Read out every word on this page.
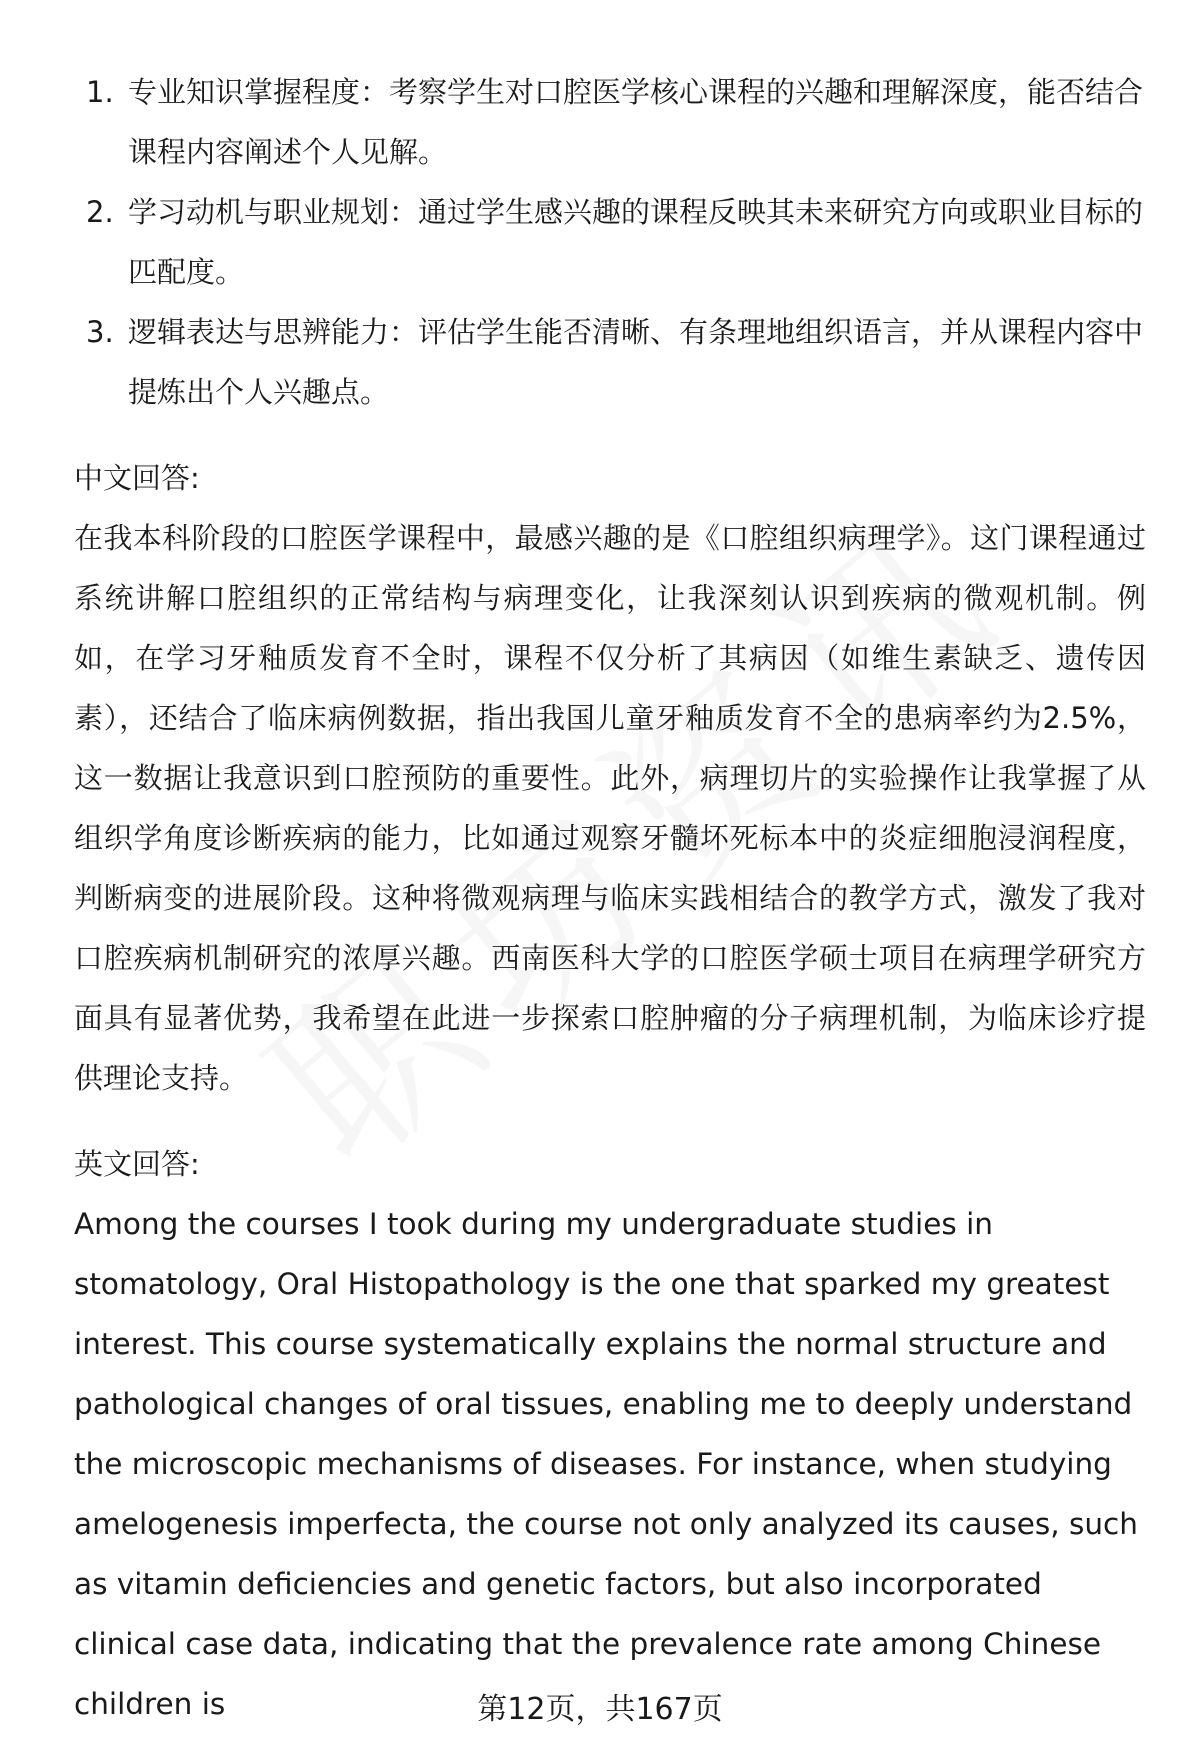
1. 专业知识掌握程度：考察学生对口腔医学核心课程的兴趣和理解深度，能否结合课程内容阐述个人见解。
2. 学习动机与职业规划：通过学生感兴趣的课程反映其未来研究方向或职业目标的匹配度。
3. 逻辑表达与思辨能力：评估学生能否清晰、有条理地组织语言，并从课程内容中提炼出个人兴趣点。
中文回答:
在我本科阶段的口腔医学课程中，最感兴趣的是《口腔组织病理学》。这门课程通过系统讲解口腔组织的正常结构与病理变化，让我深刻认识到疾病的微观机制。例如，在学习牙釉质发育不全时，课程不仅分析了其病因（如维生素缺乏、遗传因素），还结合了临床病例数据，指出我国儿童牙釉质发育不全的患病率约为2.5%，这一数据让我意识到口腔预防的重要性。此外，病理切片的实验操作让我掌握了从组织学角度诊断疾病的能力，比如通过观察牙髓坏死标本中的炎症细胞浸润程度，判断病变的进展阶段。这种将微观病理与临床实践相结合的教学方式，激发了我对口腔疾病机制研究的浓厚兴趣。西南医科大学的口腔医学硕士项目在病理学研究方面具有显著优势，我希望在此进一步探索口腔肿瘤的分子病理机制，为临床诊疗提供理论支持。
英文回答:
Among the courses I took during my undergraduate studies in stomatology, Oral Histopathology is the one that sparked my greatest interest. This course systematically explains the normal structure and pathological changes of oral tissues, enabling me to deeply understand the microscopic mechanisms of diseases. For instance, when studying amelogenesis imperfecta, the course not only analyzed its causes, such as vitamin deficiencies and genetic factors, but also incorporated clinical case data, indicating that the prevalence rate among Chinese children is	第12页，共167页
